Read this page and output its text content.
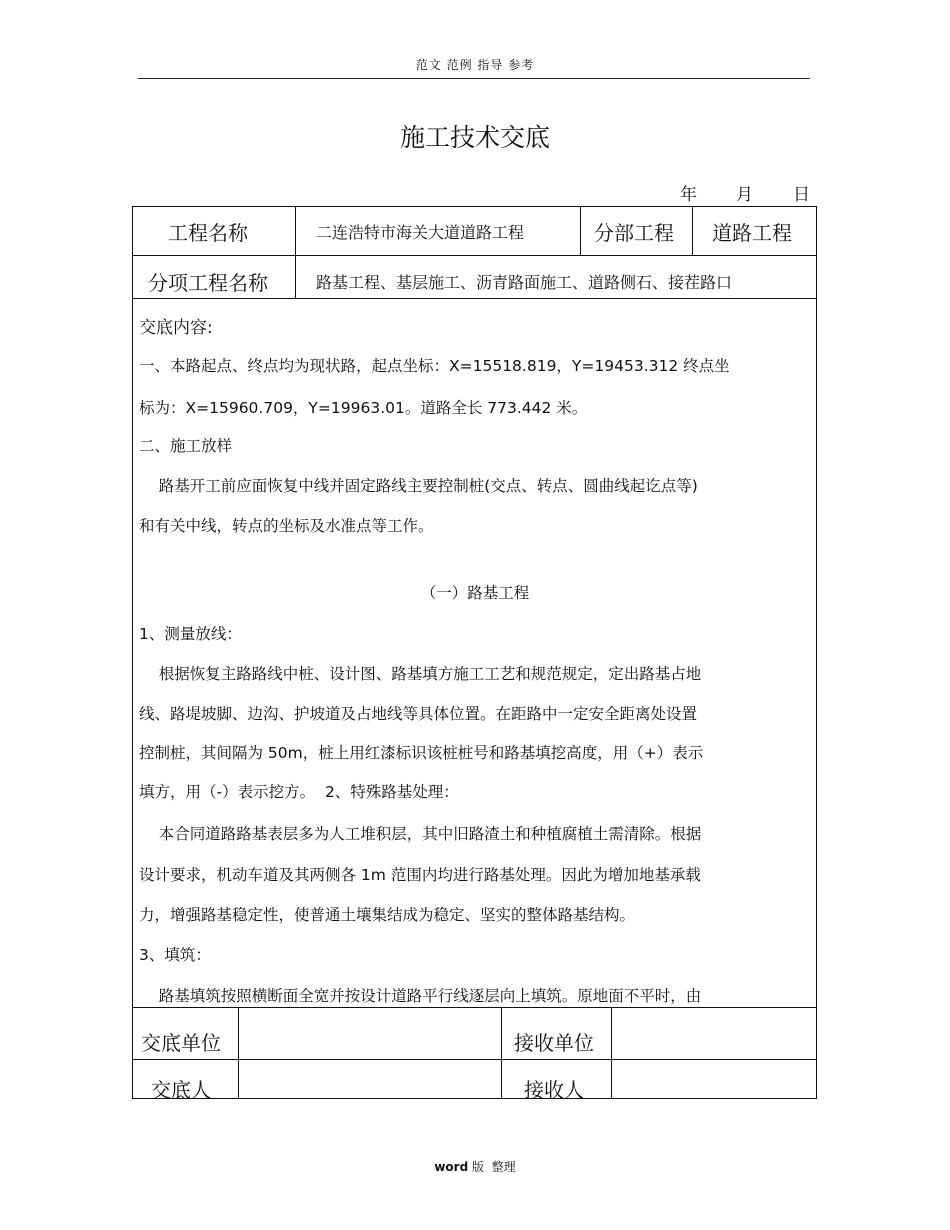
范文 范例 指导 参考
施工技术交底
年 月 日
工程名称	二连浩特市海关大道道路工程	分部工程 道路工程
分项工程名称	路基工程、基层施工、沥青路面施工、道路侧石、接茬路口
交底内容:
一、本路起点、终点均为现状路，起点坐标：X=15518.819，Y=19453.312 终点坐
标为：X=15960.709，Y=19963.01。道路全长 773.442 米。
二、施工放样
路基开工前应面恢复中线并固定路线主要控制桩(交点、转点、圆曲线起讫点等)
和有关中线，转点的坐标及水准点等工作。
（一）路基工程
1、测量放线：
根据恢复主路路线中桩、设计图、路基填方施工工艺和规范规定，定出路基占地
线、路堤坡脚、边沟、护坡道及占地线等具体位置。在距路中一定安全距离处设置
控制桩，其间隔为 50m，桩上用红漆标识该桩桩号和路基填挖高度，用（+）表示
填方，用（-）表示挖方。  2、特殊路基处理：
本合同道路路基表层多为人工堆积层，其中旧路渣土和种植腐植土需清除。根据
设计要求，机动车道及其两侧各 1m 范围内均进行路基处理。因此为增加地基承载
力，增强路基稳定性，使普通土壤集结成为稳定、坚实的整体路基结构。
3、填筑：
路基填筑按照横断面全宽并按设计道路平行线逐层向上填筑。原地面不平时，由
交底单位	接收单位
交底人	接收人
word 版  整理
